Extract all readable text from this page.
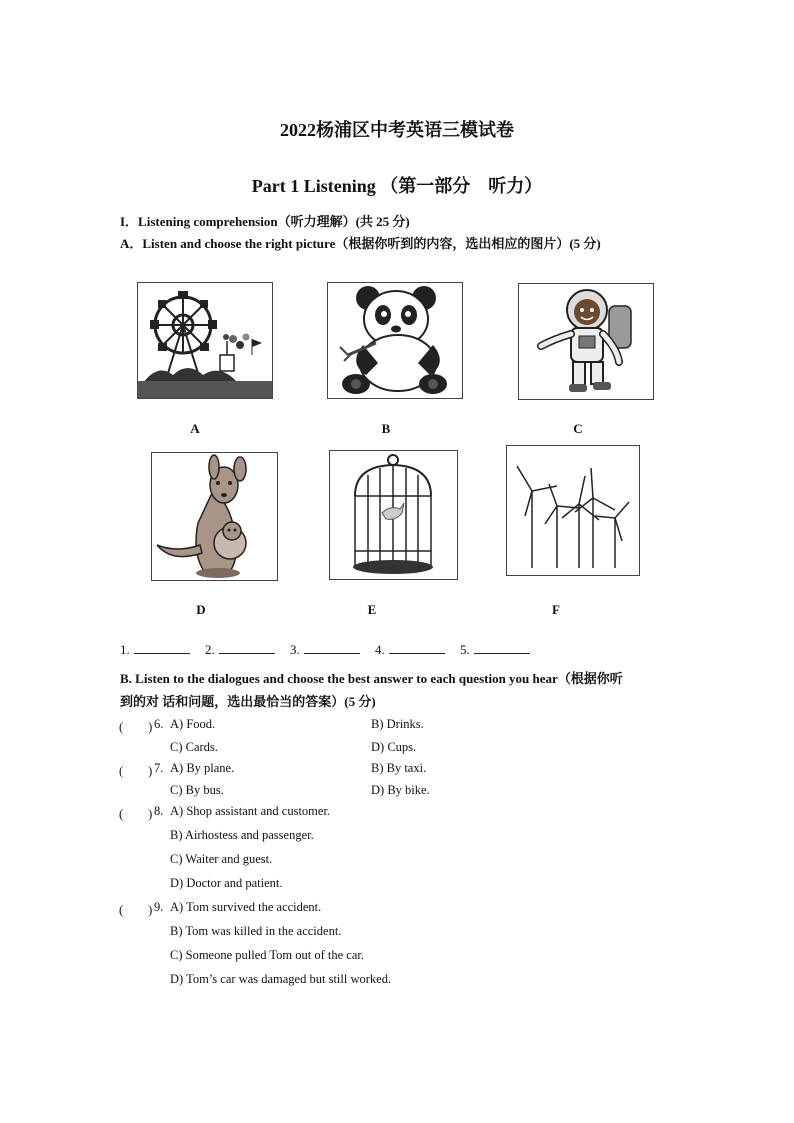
2022杨浦区中考英语三模试卷
Part 1 Listening （第一部分　听力）
I．Listening comprehension（听力理解）(共 25 分)
A．Listen and choose the right picture（根据你听到的内容，选出相应的图片）(5 分)
A	B	C
D	E	F
1.	2.	3.	4.	5.
B. Listen to the dialogues and choose the best answer to each question you hear（根据你听
到的对 话和问题，选出最恰当的答案）(5 分)
(　　) 6. A) Food.	B) Drinks.
C) Cards.	D) Cups.
(　　) 7. A) By plane.	B) By taxi.
C) By bus.	D) By bike.
(　　) 8. A) Shop assistant and customer.
B) Airhostess and passenger.
C) Waiter and guest.
D) Doctor and patient.
(　　) 9. A) Tom survived the accident.
B) Tom was killed in the accident.
C) Someone pulled Tom out of the car.
D) Tom’s car was damaged but still worked.
